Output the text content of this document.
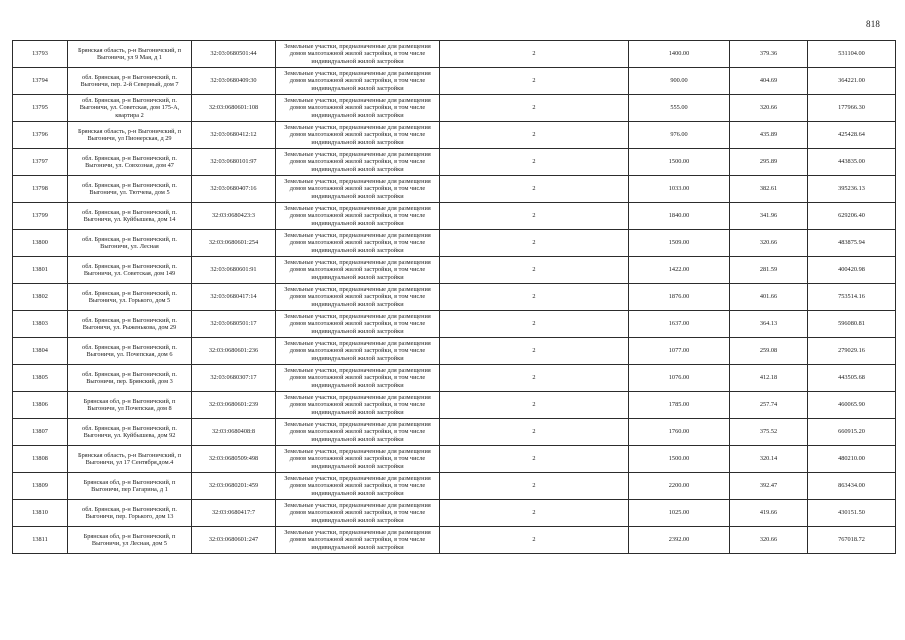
818
13793	Брянская область, р-н Выгоничский, п Выгоничи, ул 9 Мая, д 1	32:03:0680501:44	Земельные участки, предназначенные для размещения домов малоэтажной жилой застройки, в том числе индивидуальной жилой застройки	2	1400.00	379.36	531104.00
13794	обл. Брянская, р-н Выгоничский, п. Выгоничи, пер. 2-й Северный, дом 7	32:03:0680409:30	Земельные участки, предназначенные для размещения домов малоэтажной жилой застройки, в том числе индивидуальной жилой застройки	2	900.00	404.69	364221.00
13795	обл. Брянская, р-н Выгоничский, п. Выгоничи, ул. Советская, дом 175-А, квартира 2	32:03:0680601:108	Земельные участки, предназначенные для размещения домов малоэтажной жилой застройки, в том числе индивидуальной жилой застройки	2	555.00	320.66	177966.30
13796	Брянская область, р-н Выгоничский, п Выгоничи, ул Пионерская, д 29	32:03:0680412:12	Земельные участки, предназначенные для размещения домов малоэтажной жилой застройки, в том числе индивидуальной жилой застройки	2	976.00	435.89	425428.64
13797	обл. Брянская, р-н Выгоничский, п. Выгоничи, ул. Совхозная, дом 47	32:03:0680101:97	Земельные участки, предназначенные для размещения домов малоэтажной жилой застройки, в том числе индивидуальной жилой застройки	2	1500.00	295.89	443835.00
13798	обл. Брянская, р-н Выгоничский, п. Выгоничи, ул. Тютчева, дом 5	32:03:0680407:16	Земельные участки, предназначенные для размещения домов малоэтажной жилой застройки, в том числе индивидуальной жилой застройки	2	1033.00	382.61	395236.13
13799	обл. Брянская, р-н Выгоничский, п. Выгоничи, ул. Куйбышева, дом 14	32:03:0680423:3	Земельные участки, предназначенные для размещения домов малоэтажной жилой застройки, в том числе индивидуальной жилой застройки	2	1840.00	341.96	629206.40
13800	обл. Брянская, р-н Выгоничский, п. Выгоничи, ул. Лесная	32:03:0680601:254	Земельные участки, предназначенные для размещения домов малоэтажной жилой застройки, в том числе индивидуальной жилой застройки	2	1509.00	320.66	483875.94
13801	обл. Брянская, р-н Выгоничский, п. Выгоничи, ул. Советская, дом 149	32:03:0680601:91	Земельные участки, предназначенные для размещения домов малоэтажной жилой застройки, в том числе индивидуальной жилой застройки	2	1422.00	281.59	400420.98
13802	обл. Брянская, р-н Выгоничский, п. Выгоничи, ул. Горького, дом 5	32:03:0680417:14	Земельные участки, предназначенные для размещения домов малоэтажной жилой застройки, в том числе индивидуальной жилой застройки	2	1876.00	401.66	753514.16
13803	обл. Брянская, р-н Выгоничский, п. Выгоничи, ул. Рыженькова, дом 29	32:03:0680501:17	Земельные участки, предназначенные для размещения домов малоэтажной жилой застройки, в том числе индивидуальной жилой застройки	2	1637.00	364.13	596080.81
13804	обл. Брянская, р-н Выгоничский, п. Выгоничи, ул. Почепская, дом 6	32:03:0680601:236	Земельные участки, предназначенные для размещения домов малоэтажной жилой застройки, в том числе индивидуальной жилой застройки	2	1077.00	259.08	279029.16
13805	обл. Брянская, р-н Выгоничский, п. Выгоничи, пер. Брянский, дом 3	32:03:0680307:17	Земельные участки, предназначенные для размещения домов малоэтажной жилой застройки, в том числе индивидуальной жилой застройки	2	1076.00	412.18	443505.68
13806	Брянская обл, р-н Выгоничский, п Выгоничи, ул Почепская, дом 8	32:03:0680601:239	Земельные участки, предназначенные для размещения домов малоэтажной жилой застройки, в том числе индивидуальной жилой застройки	2	1785.00	257.74	460065.90
13807	обл. Брянская, р-н Выгоничский, п. Выгоничи, ул. Куйбышева, дом 92	32:03:0680408:8	Земельные участки, предназначенные для размещения домов малоэтажной жилой застройки, в том числе индивидуальной жилой застройки	2	1760.00	375.52	660915.20
13808	Брянская область, р-н Выгоничский, п Выгоничи, ул 17 Сентября,дом.4	32:03:0680509:498	Земельные участки, предназначенные для размещения домов малоэтажной жилой застройки, в том числе индивидуальной жилой застройки	2	1500.00	320.14	480210.00
13809	Брянская обл, р-н Выгоничский, п Выгоничи, пер Гагарина, д 1	32:03:0680201:459	Земельные участки, предназначенные для размещения домов малоэтажной жилой застройки, в том числе индивидуальной жилой застройки	2	2200.00	392.47	863434.00
13810	обл. Брянская, р-н Выгоничский, п. Выгоничи, пер. Горького, дом 13	32:03:0680417:7	Земельные участки, предназначенные для размещения домов малоэтажной жилой застройки, в том числе индивидуальной жилой застройки	2	1025.00	419.66	430151.50
13811	Брянская обл, р-н Выгоничский, п Выгоничи, ул Лесная, дом 5	32:03:0680601:247	Земельные участки, предназначенные для размещения домов малоэтажной жилой застройки, в том числе индивидуальной жилой застройки	2	2392.00	320.66	767018.72
